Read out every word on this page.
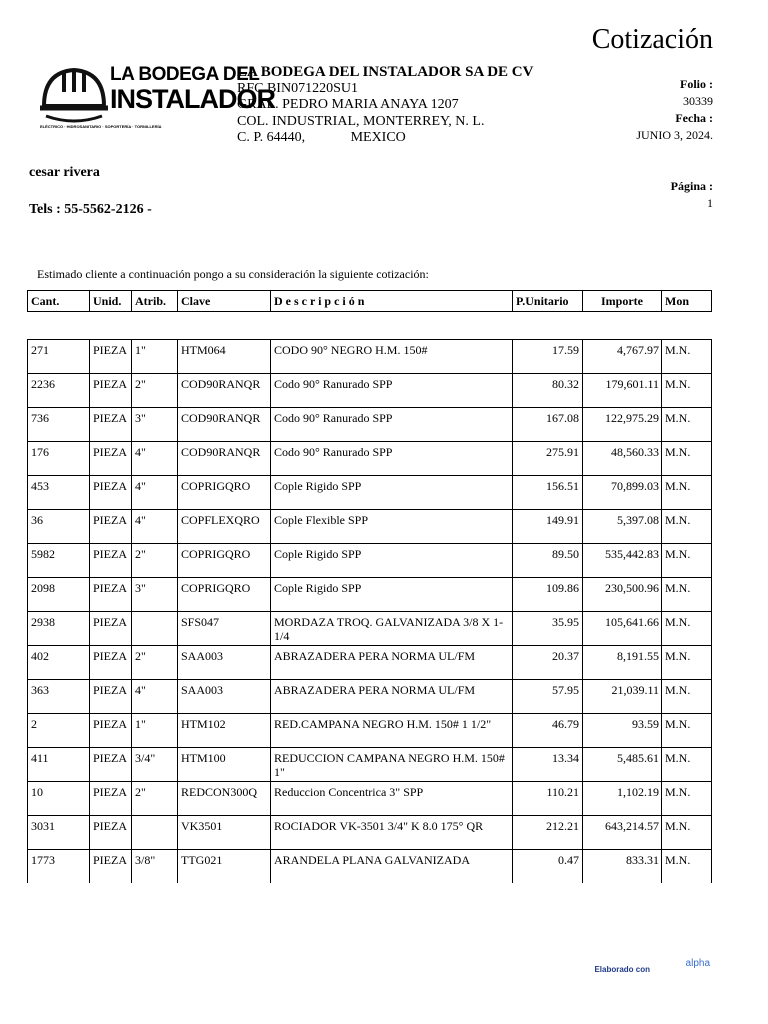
Cotización
LA BODEGA DEL
INSTALADOR
ELÉCTRICO · HIDROSANITARIO · SOPORTERÍA · TORNILLERÍA
LA BODEGA DEL INSTALADOR SA DE CV
RFC BIN071220SU1
GRAL. PEDRO MARIA ANAYA 1207
COL. INDUSTRIAL, MONTERREY, N. L.
C. P. 64440,             MEXICO
Folio :
30339
Fecha :
JUNIO 3, 2024.
cesar rivera
Tels : 55-5562-2126 -
Página :
1
Estimado cliente a continuación pongo a su consideración la siguiente cotización:
Cant.	Unid.	Atrib.	Clave	D e s c r i p c i ó n	P.Unitario	Importe	Mon
271	PIEZA	1"	HTM064	CODO 90° NEGRO H.M. 150#	17.59	4,767.97	M.N.
2236	PIEZA	2"	COD90RANQR	Codo 90° Ranurado SPP	80.32	179,601.11	M.N.
736	PIEZA	3"	COD90RANQR	Codo 90° Ranurado SPP	167.08	122,975.29	M.N.
176	PIEZA	4"	COD90RANQR	Codo 90° Ranurado SPP	275.91	48,560.33	M.N.
453	PIEZA	4"	COPRIGQRO	Cople Rigido SPP	156.51	70,899.03	M.N.
36	PIEZA	4"	COPFLEXQRO	Cople Flexible SPP	149.91	5,397.08	M.N.
5982	PIEZA	2"	COPRIGQRO	Cople Rigido SPP	89.50	535,442.83	M.N.
2098	PIEZA	3"	COPRIGQRO	Cople Rigido SPP	109.86	230,500.96	M.N.
2938	PIEZA		SFS047	MORDAZA TROQ. GALVANIZADA 3/8 X 1-1/4	35.95	105,641.66	M.N.
402	PIEZA	2"	SAA003	ABRAZADERA PERA NORMA UL/FM	20.37	8,191.55	M.N.
363	PIEZA	4"	SAA003	ABRAZADERA PERA NORMA UL/FM	57.95	21,039.11	M.N.
2	PIEZA	1"	HTM102	RED.CAMPANA NEGRO H.M. 150# 1 1/2"	46.79	93.59	M.N.
411	PIEZA	3/4"	HTM100	REDUCCION CAMPANA NEGRO H.M. 150# 1"	13.34	5,485.61	M.N.
10	PIEZA	2"	REDCON300Q	Reduccion Concentrica 3" SPP	110.21	1,102.19	M.N.
3031	PIEZA		VK3501	ROCIADOR VK-3501 3/4" K 8.0 175° QR	212.21	643,214.57	M.N.
1773	PIEZA	3/8"	TTG021	ARANDELA PLANA GALVANIZADA	0.47	833.31	M.N.
Elaborado con
alpha
